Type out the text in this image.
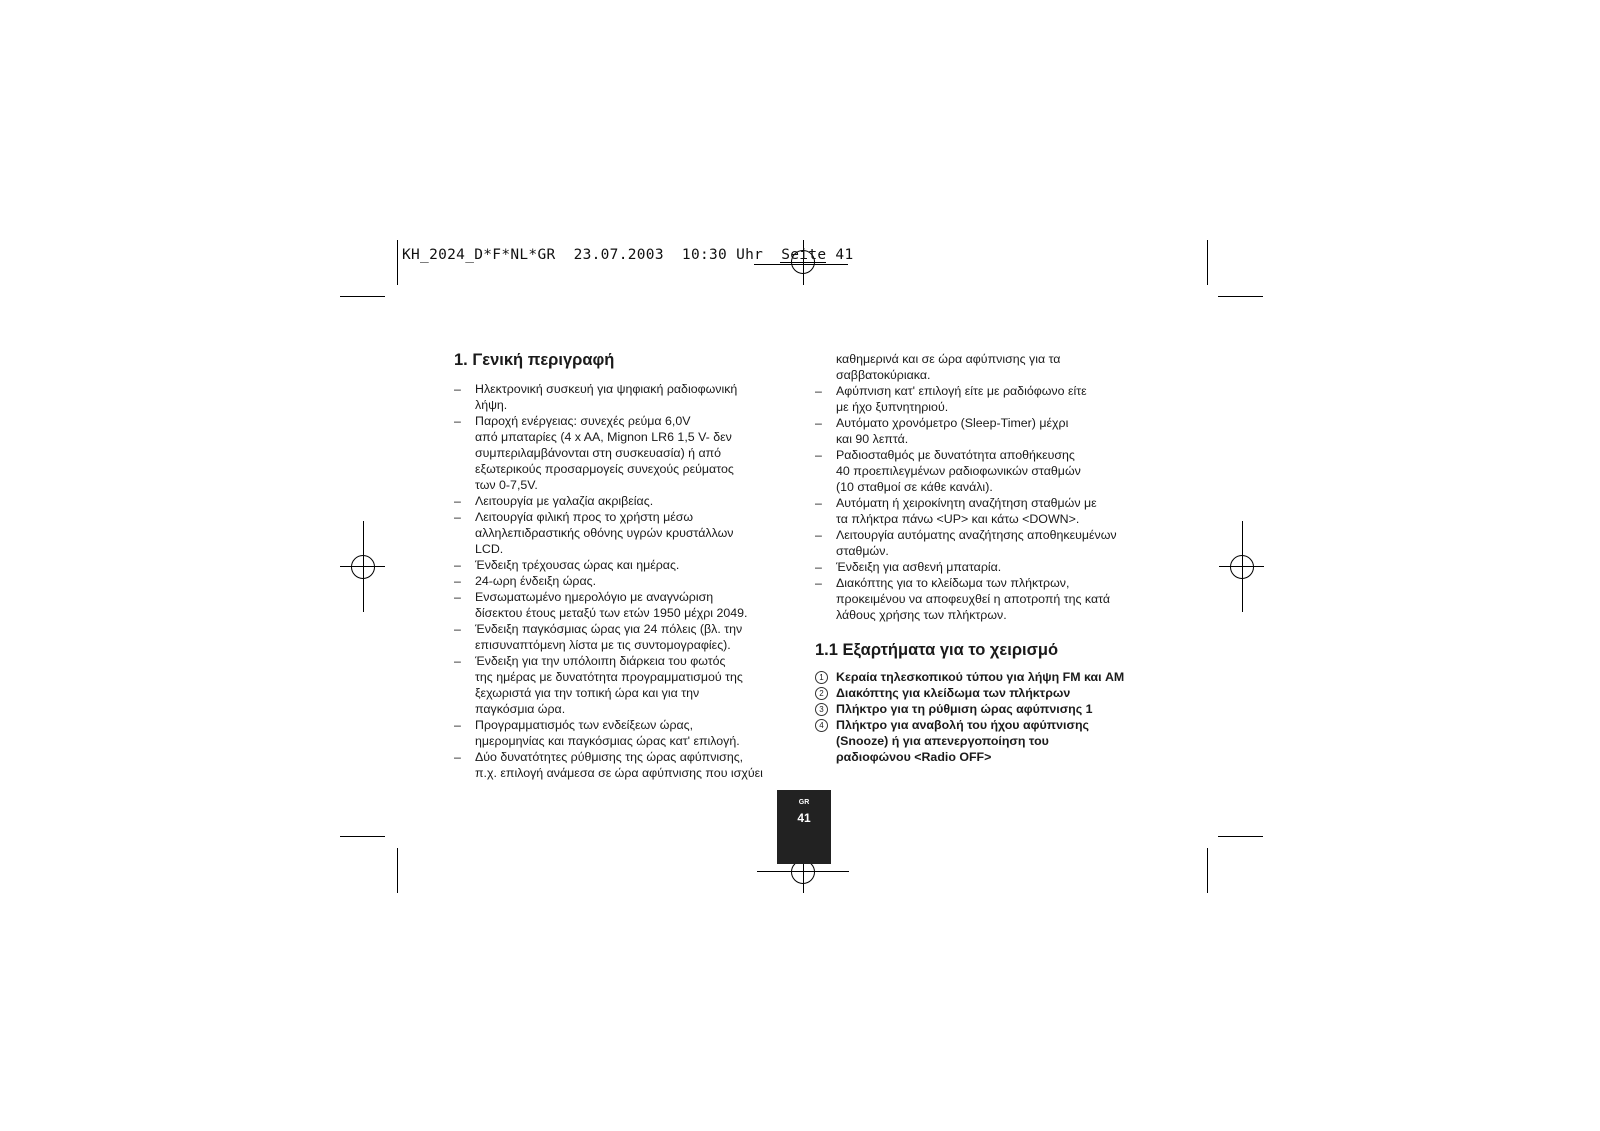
KH_2024_D*F*NL*GR  23.07.2003  10:30 Uhr  Seite 41
1. Γενική περιγραφή
– Ηλεκτρονική συσκευή για ψηφιακή ραδιοφωνική
λήψη.
– Παροχή ενέργειας: συνεχές ρεύμα 6,0V
από μπαταρίες (4 x AA, Mignon LR6 1,5 V- δεν
συμπεριλαμβάνονται στη συσκευασία) ή από
εξωτερικούς προσαρμογείς συνεχούς ρεύματος
των 0-7,5V.
– Λειτουργία με γαλαζία ακριβείας.
– Λειτουργία φιλική προς το χρήστη μέσω
αλληλεπιδραστικής οθόνης υγρών κρυστάλλων
LCD.
– Ένδειξη τρέχουσας ώρας και ημέρας.
– 24-ωρη ένδειξη ώρας.
– Ενσωματωμένο ημερολόγιο με αναγνώριση
δίσεκτου έτους μεταξύ των ετών 1950 μέχρι 2049.
– Ένδειξη παγκόσμιας ώρας για 24 πόλεις (βλ. την
επισυναπτόμενη λίστα με τις συντομογραφίες).
– Ένδειξη για την υπόλοιπη διάρκεια του φωτός
της ημέρας με δυνατότητα προγραμματισμού της
ξεχωριστά για την τοπική ώρα και για την
παγκόσμια ώρα.
– Προγραμματισμός των ενδείξεων ώρας,
ημερομηνίας και παγκόσμιας ώρας κατ' επιλογή.
– Δύο δυνατότητες ρύθμισης της ώρας αφύπνισης,
π.χ. επιλογή ανάμεσα σε ώρα αφύπνισης που ισχύει
καθημερινά και σε ώρα αφύπνισης για τα
σαββατοκύριακα.
– Αφύπνιση κατ' επιλογή είτε με ραδιόφωνο είτε
με ήχο ξυπνητηριού.
– Αυτόματο χρονόμετρο (Sleep-Timer) μέχρι
και 90 λεπτά.
– Ραδιοσταθμός με δυνατότητα αποθήκευσης
40 προεπιλεγμένων ραδιοφωνικών σταθμών
(10 σταθμοί σε κάθε κανάλι).
– Αυτόματη ή χειροκίνητη αναζήτηση σταθμών με
τα πλήκτρα πάνω <UP> και κάτω <DOWN>.
– Λειτουργία αυτόματης αναζήτησης αποθηκευμένων
σταθμών.
– Ένδειξη για ασθενή μπαταρία.
– Διακόπτης για το κλείδωμα των πλήκτρων,
προκειμένου να αποφευχθεί η αποτροπή της κατά
λάθους χρήσης των πλήκτρων.
1.1 Εξαρτήματα για το χειρισμό
1 Κεραία τηλεσκοπικού τύπου για λήψη FM και AM
2 Διακόπτης για κλείδωμα των πλήκτρων
3 Πλήκτρο για τη ρύθμιση ώρας αφύπνισης 1
4 Πλήκτρο για αναβολή του ήχου αφύπνισης
(Snooze) ή για απενεργοποίηση του
ραδιοφώνου <Radio OFF>
GR
41
